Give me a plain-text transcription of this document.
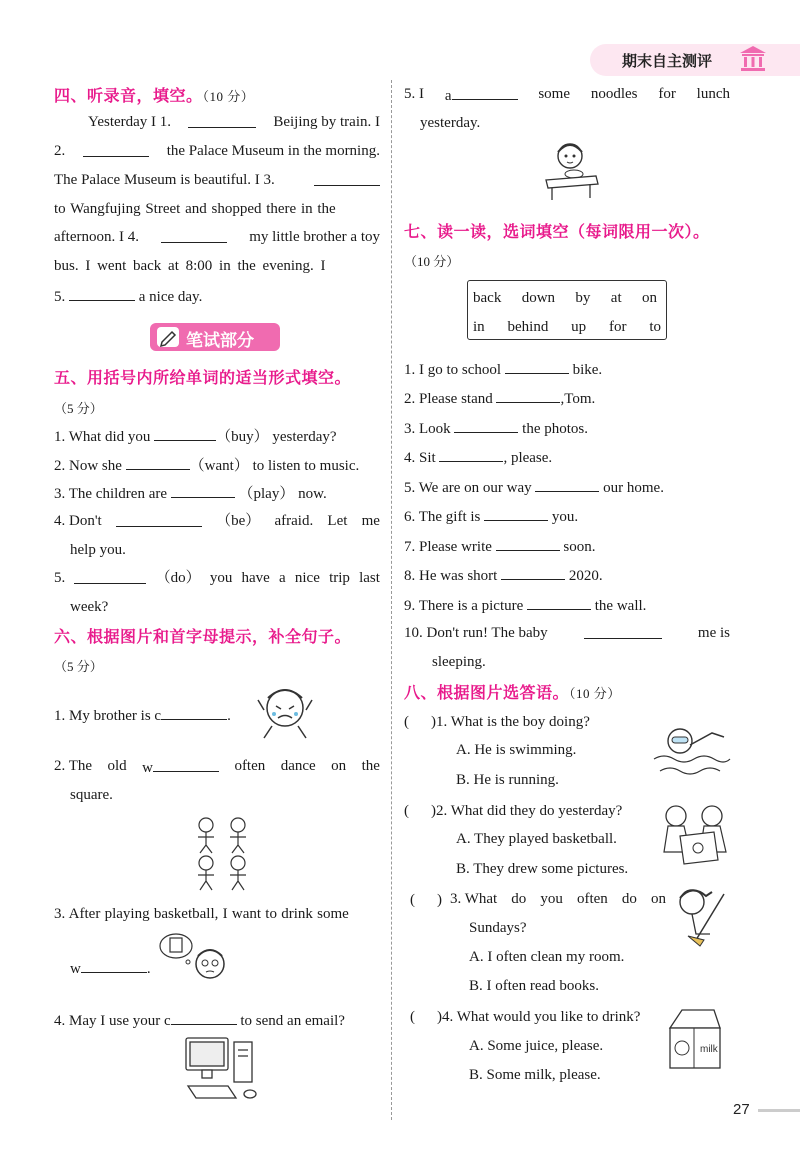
期末自主测评
四、听录音，填空。（10 分）
Yesterday I 1.	Beijing by train. I
2.	the Palace Museum in the morning.
The Palace Museum is beautiful. I 3.
to Wangfujing Street and shopped there in the
afternoon. I 4.	my little brother a toy
bus. I went back at 8:00 in the evening. I
5.	a nice day.
笔试部分
五、用括号内所给单词的适当形式填空。
（5 分）
1. What did you	（buy） yesterday?
2. Now she	（want） to listen to music.
3. The children are	（play） now.
4. Don't	（be） afraid. Let me
help you.
5.	（do） you have a nice trip last
week?
六、根据图片和首字母提示，补全句子。
（5 分）
1. My brother is c	.
2. The old w	often dance on the
square.
3. After playing basketball, I want to drink some
w	.
4. May I use your c	to send an email?
5. I a	some noodles for lunch
yesterday.
七、读一读，选词填空（每词限用一次）。
（10 分）
back down by at on
in behind up for to
1. I go to school	bike.
2. Please stand	,Tom.
3. Look	the photos.
4. Sit	, please.
5. We are on our way	our home.
6. The gift is	you.
7. Please write	soon.
8. He was short	2020.
9. There is a picture	the wall.
10. Don't run! The baby	me is
sleeping.
八、根据图片选答语。（10 分）
( )1. What is the boy doing?
A. He is swimming.
B. He is running.
( )2. What did they do yesterday?
A. They played basketball.
B. They drew some pictures.
( ) 3. What do you often do on
Sundays?
A. I often clean my room.
B. I often read books.
( )4. What would you like to drink?
A. Some juice, please.
B. Some milk, please.
milk
27
